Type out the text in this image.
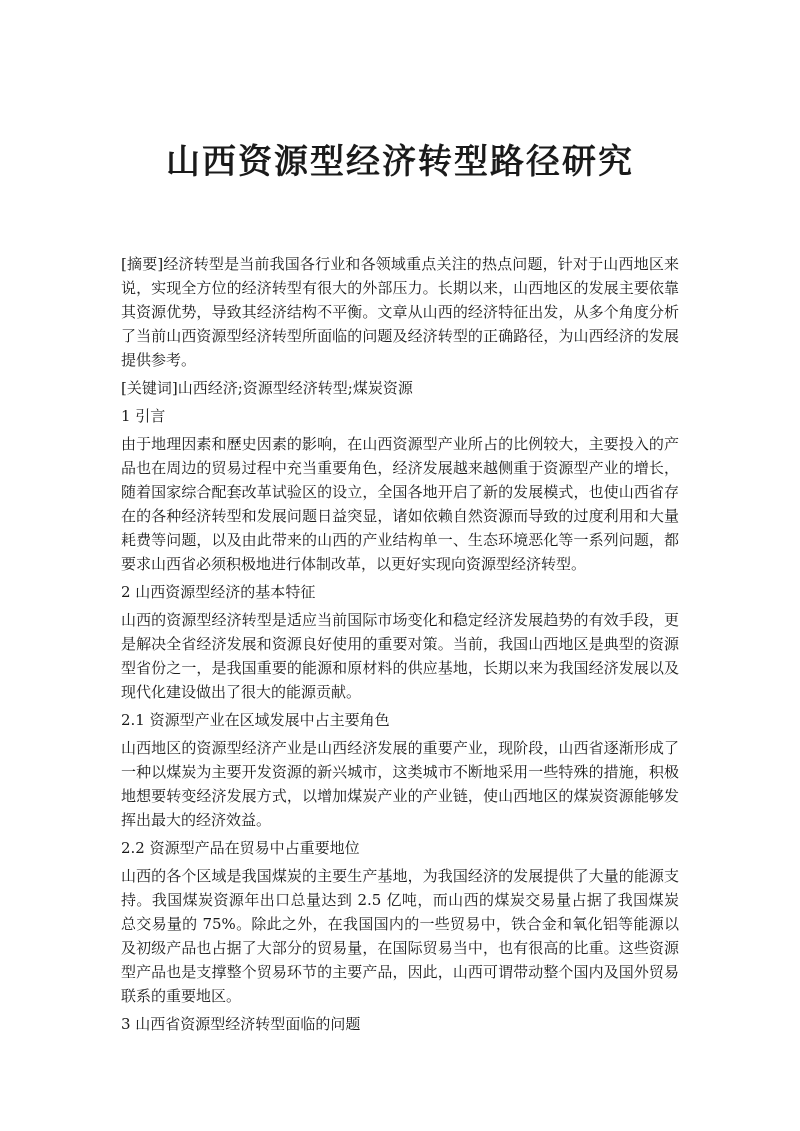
山西资源型经济转型路径研究

[摘要]经济转型是当前我国各行业和各领域重点关注的热点问题，针对于山西地区来说，实现全方位的经济转型有很大的外部压力。长期以来，山西地区的发展主要依靠其资源优势，导致其经济结构不平衡。文章从山西的经济特征出发，从多个角度分析了当前山西资源型经济转型所面临的问题及经济转型的正确路径，为山西经济的发展提供参考。

[关键词]山西经济;资源型经济转型;煤炭资源

1 引言

由于地理因素和歷史因素的影响，在山西资源型产业所占的比例较大，主要投入的产品也在周边的贸易过程中充当重要角色，经济发展越来越侧重于资源型产业的增长，随着国家综合配套改革试验区的设立，全国各地开启了新的发展模式，也使山西省存在的各种经济转型和发展问题日益突显，诸如依赖自然资源而导致的过度利用和大量耗费等问题，以及由此带来的山西的产业结构单一、生态环境恶化等一系列问题，都要求山西省必须积极地进行体制改革，以更好实现向资源型经济转型。

2 山西资源型经济的基本特征

山西的资源型经济转型是适应当前国际市场变化和稳定经济发展趋势的有效手段，更是解决全省经济发展和资源良好使用的重要对策。当前，我国山西地区是典型的资源型省份之一，是我国重要的能源和原材料的供应基地，长期以来为我国经济发展以及现代化建设做出了很大的能源贡献。

2.1 资源型产业在区域发展中占主要角色

山西地区的资源型经济产业是山西经济发展的重要产业，现阶段，山西省逐渐形成了一种以煤炭为主要开发资源的新兴城市，这类城市不断地采用一些特殊的措施，积极地想要转变经济发展方式，以增加煤炭产业的产业链，使山西地区的煤炭资源能够发挥出最大的经济效益。

2.2 资源型产品在贸易中占重要地位

山西的各个区域是我国煤炭的主要生产基地，为我国经济的发展提供了大量的能源支持。我国煤炭资源年出口总量达到 2.5 亿吨，而山西的煤炭交易量占据了我国煤炭总交易量的 75%。除此之外，在我国国内的一些贸易中，铁合金和氧化铝等能源以及初级产品也占据了大部分的贸易量，在国际贸易当中，也有很高的比重。这些资源型产品也是支撑整个贸易环节的主要产品，因此，山西可谓带动整个国内及国外贸易联系的重要地区。

3 山西省资源型经济转型面临的问题
